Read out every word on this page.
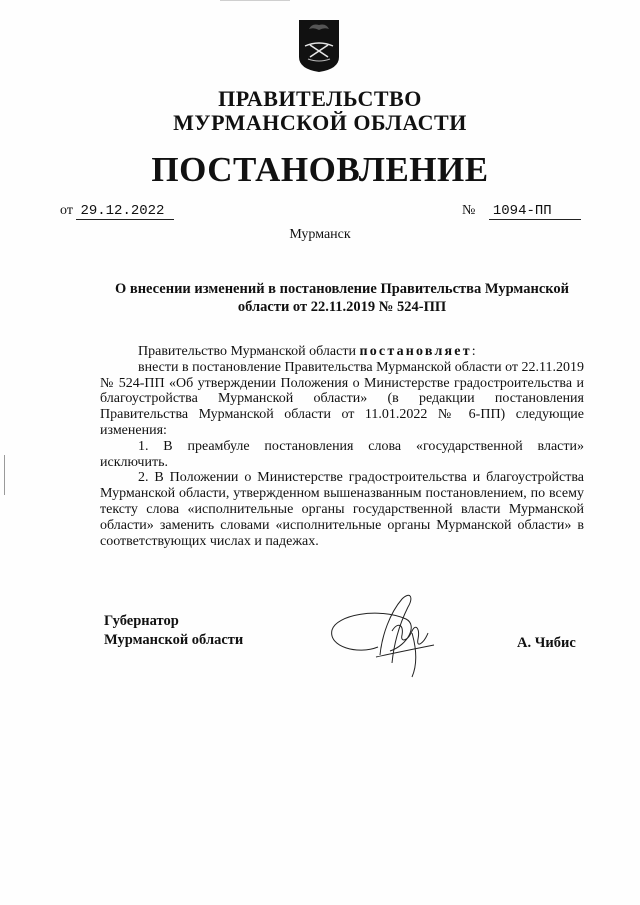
ПРАВИТЕЛЬСТВО
МУРМАНСКОЙ ОБЛАСТИ
ПОСТАНОВЛЕНИЕ
от 29.12.2022	№ 1094-ПП
Мурманск
О внесении изменений в постановление Правительства Мурманской
области от 22.11.2019 № 524-ПП

Правительство Мурманской области постановляет:

внести в постановление Правительства Мурманской области от 22.11.2019 № 524-ПП «Об утверждении Положения о Министерстве градостроительства и благоустройства Мурманской области» (в редакции постановления Правительства Мурманской области от 11.01.2022 № 6-ПП) следующие изменения:

1. В преамбуле постановления слова «государственной власти» исключить.

2. В Положении о Министерстве градостроительства и благоустройства Мурманской области, утвержденном вышеназванным постановлением, по всему тексту слова «исполнительные органы государственной власти Мурманской области» заменить словами «исполнительные органы Мурманской области» в соответствующих числах и падежах.

Губернатор
Мурманской области	А. Чибис
